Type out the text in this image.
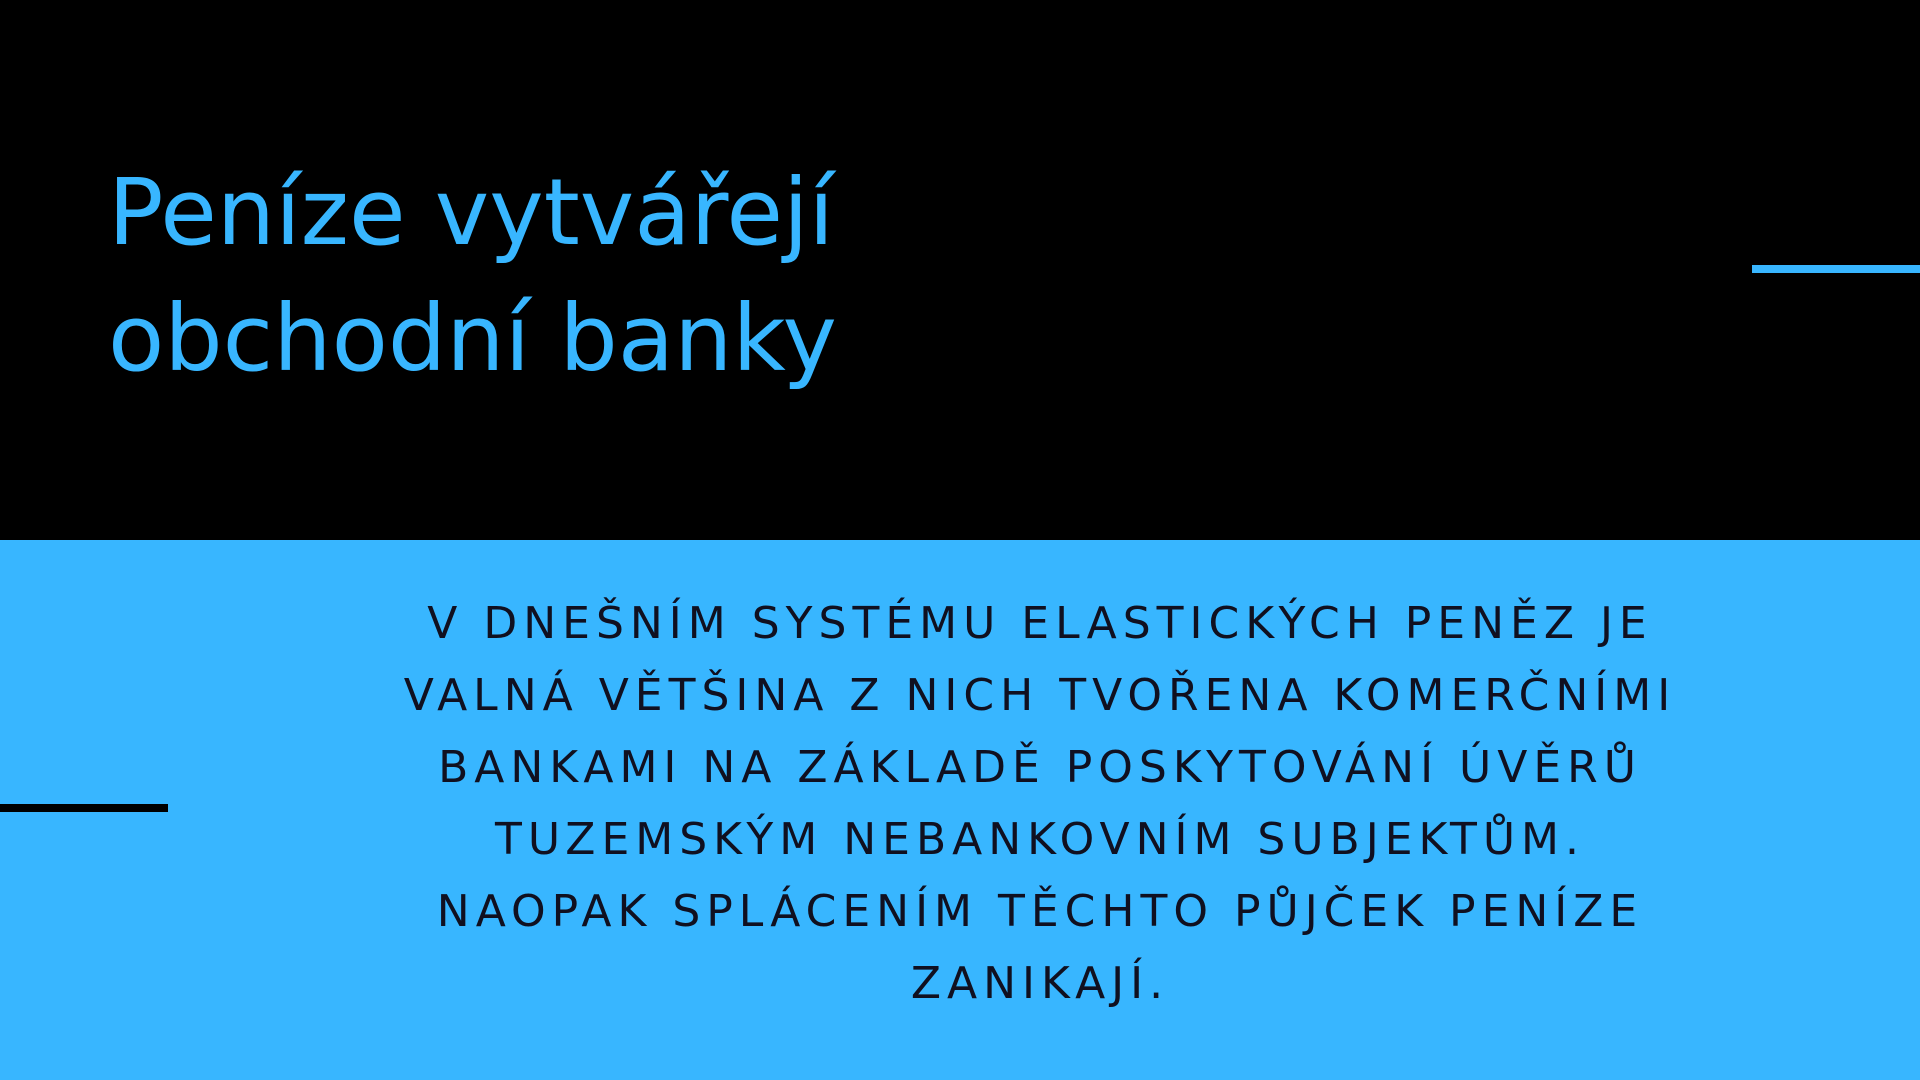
Peníze vytvářejí
obchodní banky

V DNEŠNÍM SYSTÉMU ELASTICKÝCH PENĚZ JE
VALNÁ VĚTŠINA Z NICH TVOŘENA KOMERČNÍMI
BANKAMI NA ZÁKLADĚ POSKYTOVÁNÍ ÚVĚRŮ
TUZEMSKÝM NEBANKOVNÍM SUBJEKTŮM.
NAOPAK SPLÁCENÍM TĚCHTO PŮJČEK PENÍZE
ZANIKAJÍ.
